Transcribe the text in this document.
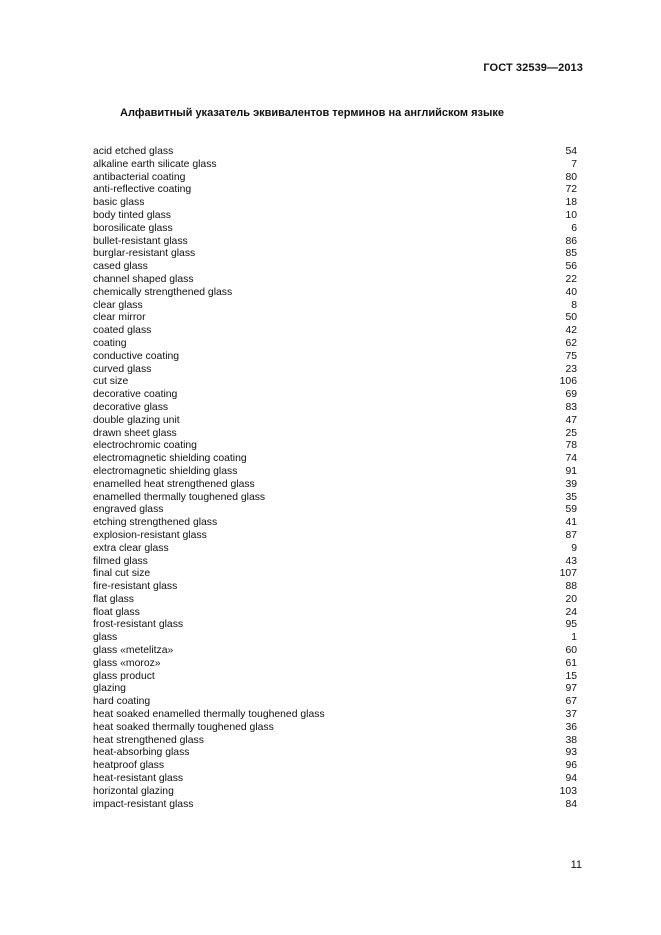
ГОСТ 32539—2013
Алфавитный указатель эквивалентов терминов на английском языке
acid etched glass	54
alkaline earth silicate glass	7
antibacterial coating	80
anti-reflective coating	72
basic glass	18
body tinted glass	10
borosilicate glass	6
bullet-resistant glass	86
burglar-resistant glass	85
cased glass	56
channel shaped glass	22
chemically strengthened glass	40
clear glass	8
clear mirror	50
coated glass	42
coating	62
conductive coating	75
curved glass	23
cut size	106
decorative coating	69
decorative glass	83
double glazing unit	47
drawn sheet glass	25
electrochromic coating	78
electromagnetic shielding coating	74
electromagnetic shielding glass	91
enamelled heat strengthened glass	39
enamelled thermally toughened glass	35
engraved glass	59
etching strengthened glass	41
explosion-resistant glass	87
extra clear glass	9
filmed glass	43
final cut size	107
fire-resistant glass	88
flat glass	20
float glass	24
frost-resistant glass	95
glass	1
glass «metelitza»	60
glass «moroz»	61
glass product	15
glazing	97
hard coating	67
heat soaked enamelled thermally toughened glass	37
heat soaked thermally toughened glass	36
heat strengthened glass	38
heat-absorbing glass	93
heatproof glass	96
heat-resistant glass	94
horizontal glazing	103
impact-resistant glass	84
11
